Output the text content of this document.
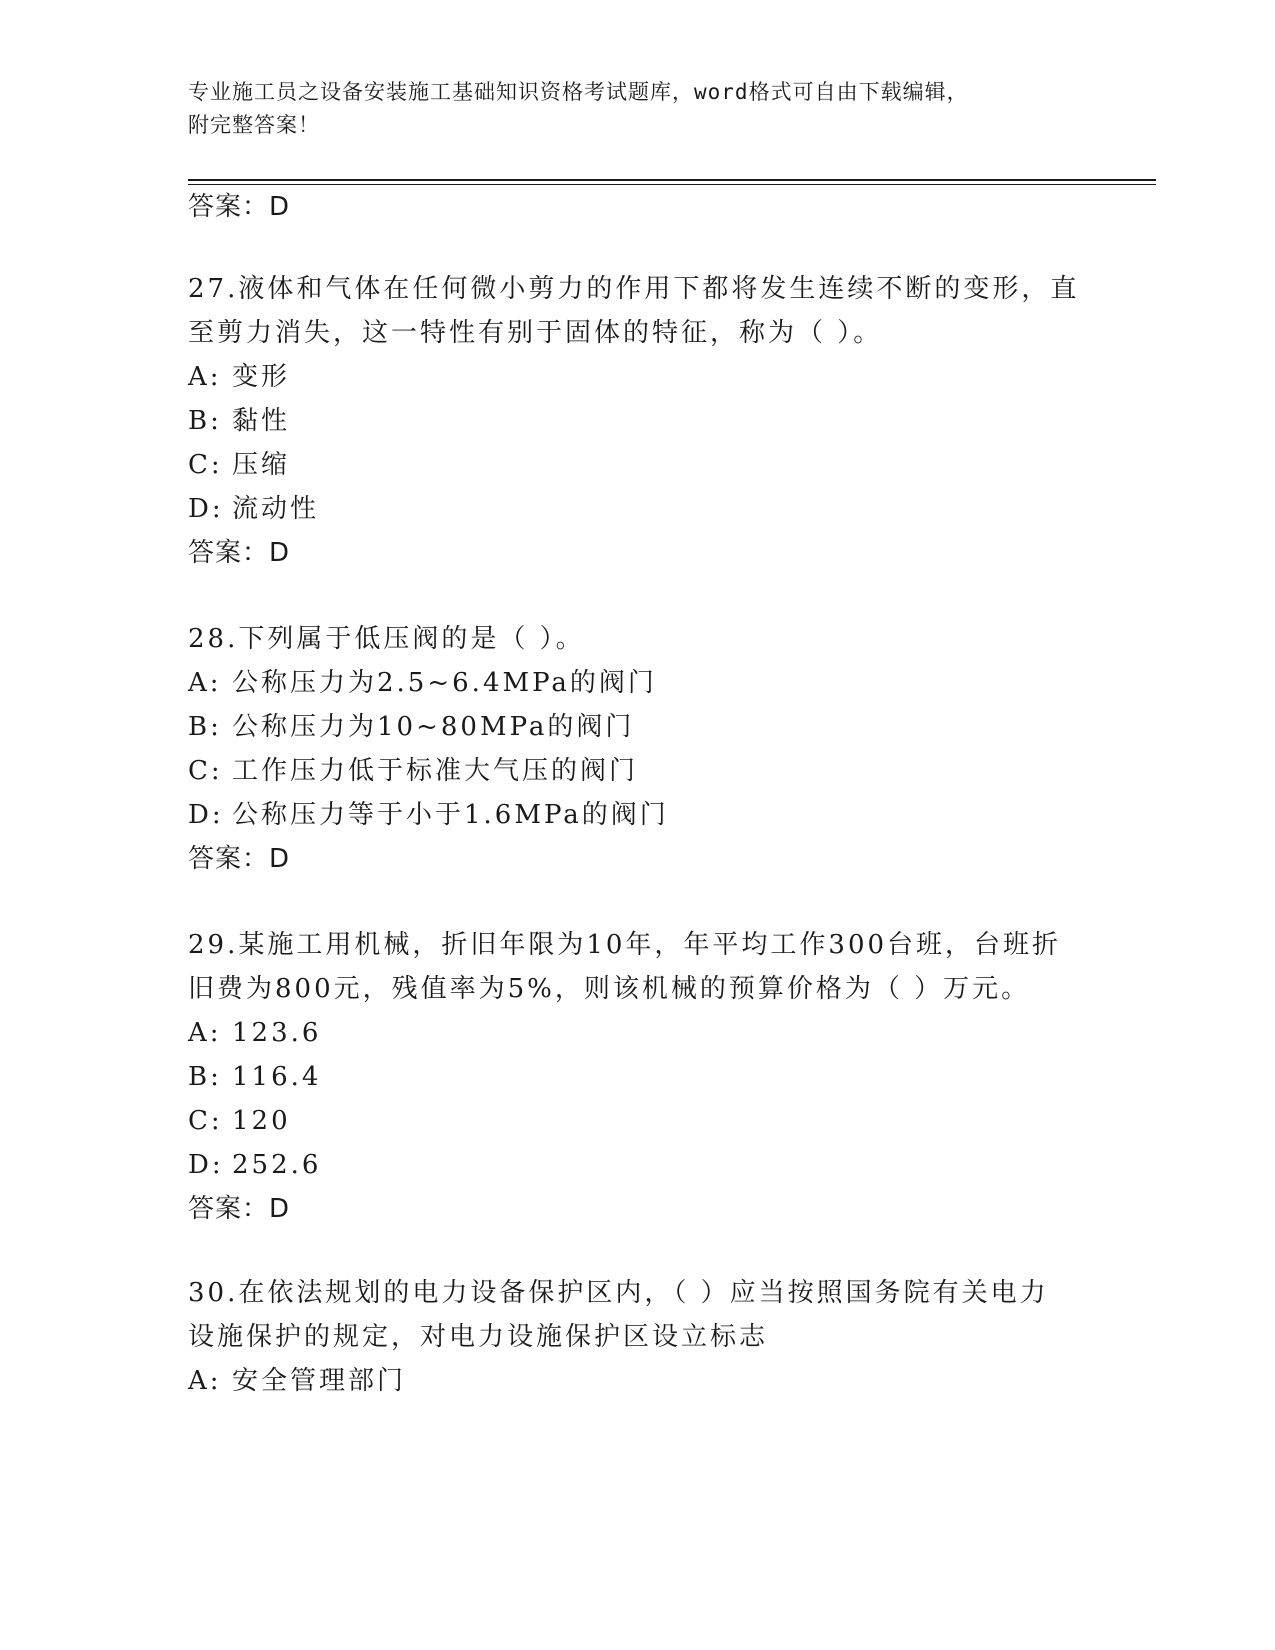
专业施工员之设备安装施工基础知识资格考试题库，word格式可自由下载编辑，
附完整答案！
答案：D
27.液体和气体在任何微小剪力的作用下都将发生连续不断的变形，直
至剪力消失，这一特性有别于固体的特征，称为（ ）。
A: 变形
B: 黏性
C: 压缩
D: 流动性
答案：D
28.下列属于低压阀的是（ ）。
A: 公称压力为2.5~6.4MPa的阀门
B: 公称压力为10~80MPa的阀门
C: 工作压力低于标准大气压的阀门
D: 公称压力等于小于1.6MPa的阀门
答案：D
29.某施工用机械，折旧年限为10年，年平均工作300台班，台班折
旧费为800元，残值率为5%，则该机械的预算价格为（ ）万元。
A: 123.6
B: 116.4
C: 120
D: 252.6
答案：D
30.在依法规划的电力设备保护区内，（ ）应当按照国务院有关电力
设施保护的规定，对电力设施保护区设立标志
A: 安全管理部门
